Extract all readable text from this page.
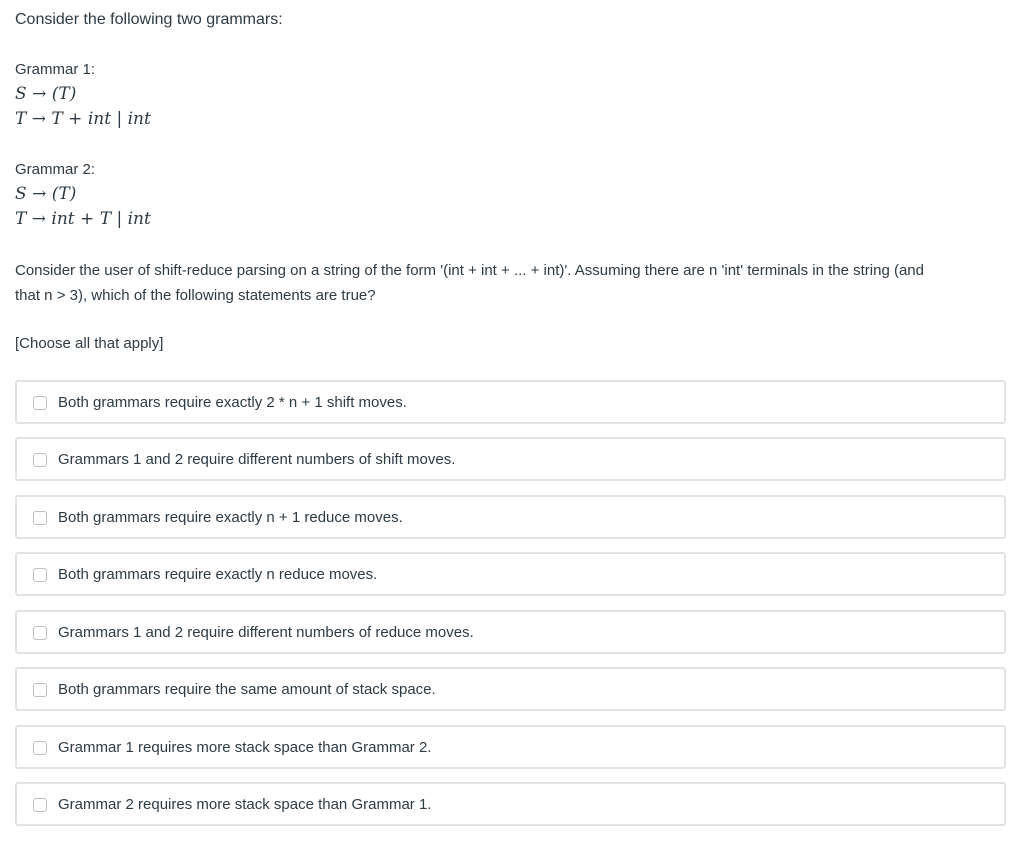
Consider the following two grammars:
Grammar 1:
S → (T)
T → T + int | int
Grammar 2:
S → (T)
T → int + T | int
Consider the user of shift-reduce parsing on a string of the form '(int + int + ... + int)'. Assuming there are n 'int' terminals in the string (and
that n > 3), which of the following statements are true?
[Choose all that apply]
Both grammars require exactly 2 * n + 1 shift moves.
Grammars 1 and 2 require different numbers of shift moves.
Both grammars require exactly n + 1 reduce moves.
Both grammars require exactly n reduce moves.
Grammars 1 and 2 require different numbers of reduce moves.
Both grammars require the same amount of stack space.
Grammar 1 requires more stack space than Grammar 2.
Grammar 2 requires more stack space than Grammar 1.
